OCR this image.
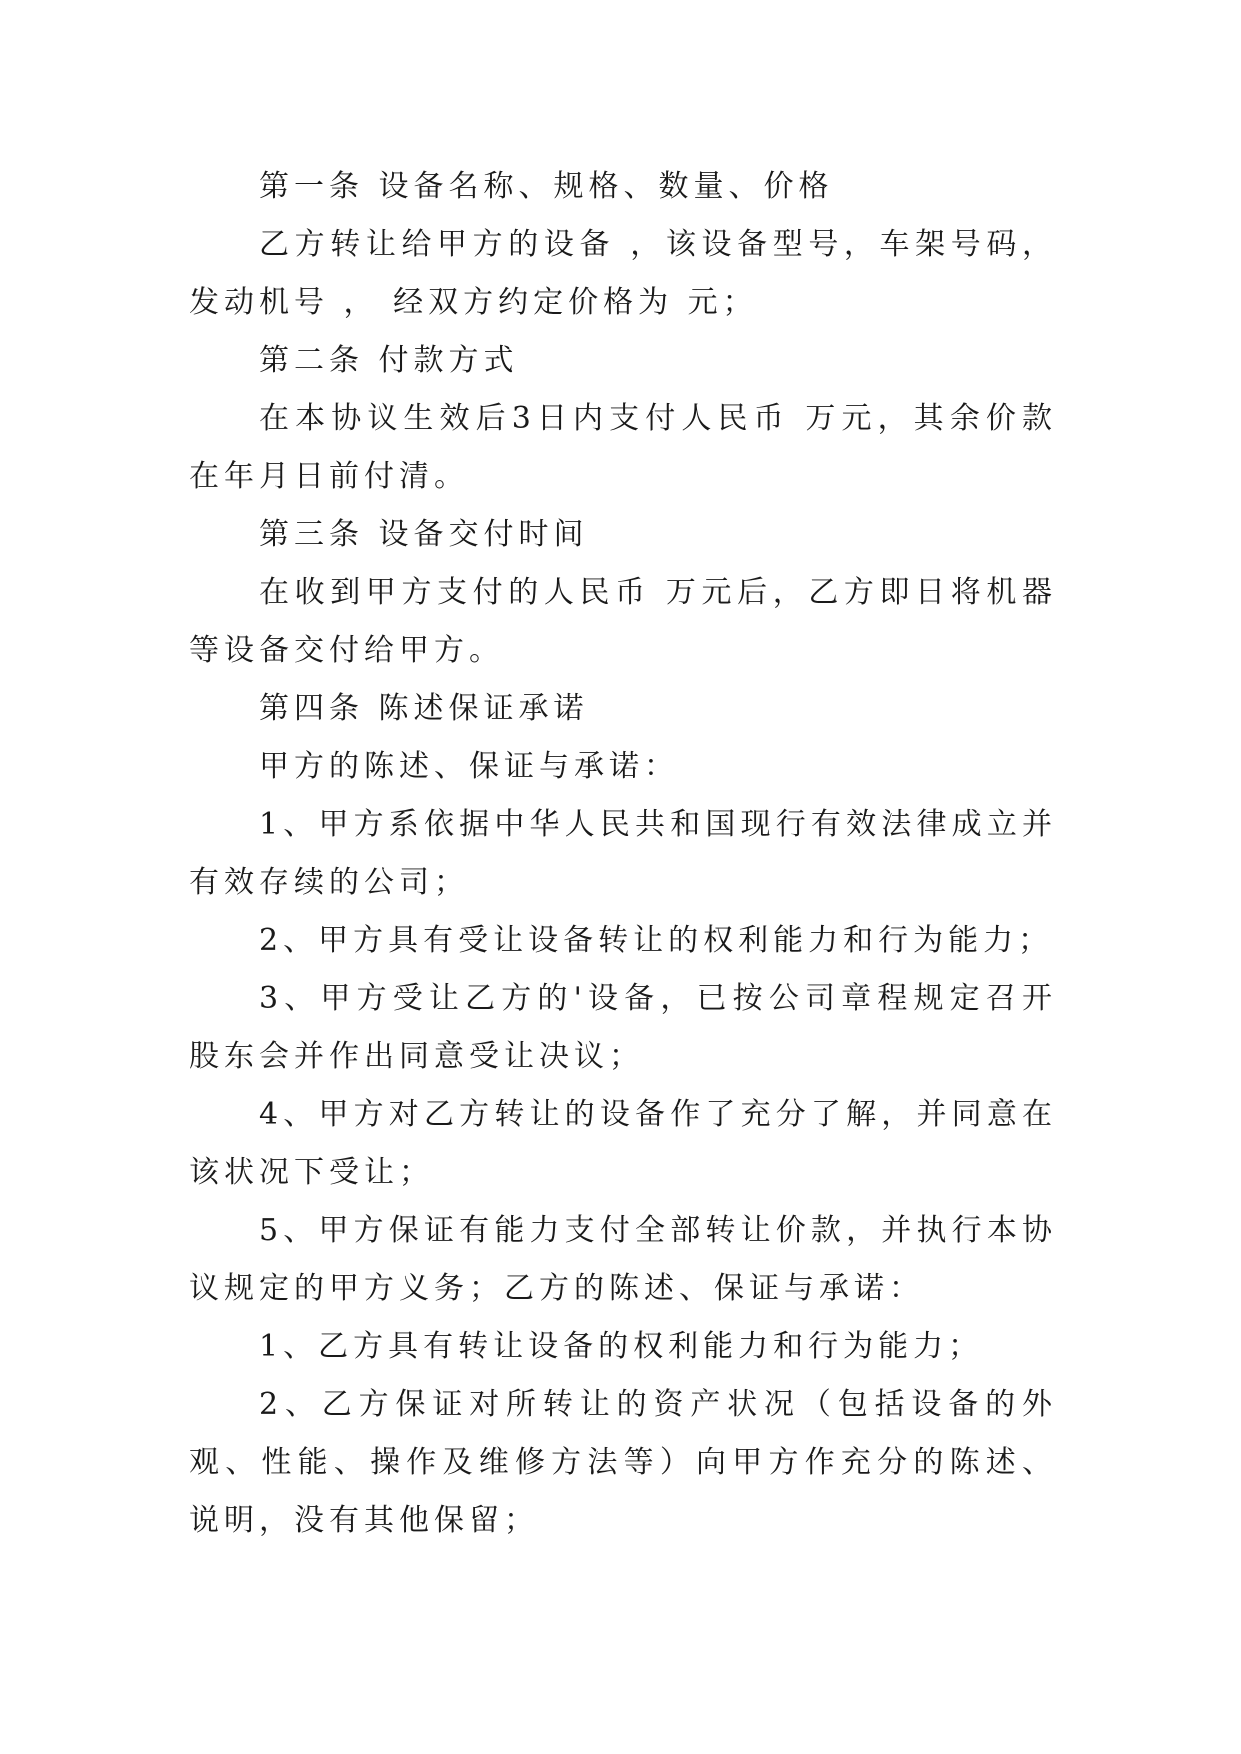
第一条 设备名称、规格、数量、价格

乙方转让给甲方的设备 ，该设备型号，车架号码，发动机号 ， 经双方约定价格为 元；

第二条 付款方式

在本协议生效后3日内支付人民币 万元，其余价款在年月日前付清。

第三条 设备交付时间

在收到甲方支付的人民币 万元后，乙方即日将机器等设备交付给甲方。

第四条 陈述保证承诺

甲方的陈述、保证与承诺：

1、甲方系依据中华人民共和国现行有效法律成立并有效存续的公司；

2、甲方具有受让设备转让的权利能力和行为能力；

3、甲方受让乙方的'设备，已按公司章程规定召开股东会并作出同意受让决议；

4、甲方对乙方转让的设备作了充分了解，并同意在该状况下受让；

5、甲方保证有能力支付全部转让价款，并执行本协议规定的甲方义务；乙方的陈述、保证与承诺：

1、乙方具有转让设备的权利能力和行为能力；

2、乙方保证对所转让的资产状况（包括设备的外观、性能、操作及维修方法等）向甲方作充分的陈述、说明，没有其他保留；
